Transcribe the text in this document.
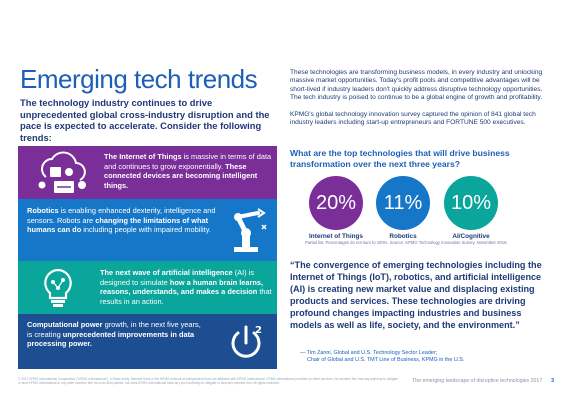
Emerging tech trends
The technology industry continues to drive unprecedented global cross-industry disruption and the pace is expected to accelerate. Consider the following trends:
The Internet of Things is massive in terms of data and continues to grow exponentially. These connected devices are becoming intelligent things.
Robotics is enabling enhanced dexterity, intelligence and sensors. Robots are changing the limitations of what humans can do including people with impaired mobility.
The next wave of artificial intelligence (AI) is designed to simulate how a human brain learns, reasons, understands, and makes a decision that results in an action.
Computational power growth, in the next five years, is creating unprecedented improvements in data processing power.
2
These technologies are transforming business models, in every industry and unlocking massive market opportunities. Today's profit pools and competitive advantages will be short-lived if industry leaders don't quickly address disruptive technology opportunities. The tech industry is poised to continue to be a global engine of growth and profitability.
KPMG's global technology innovation survey captured the opinion of 841 global tech industry leaders including start-up entrepreneurs and FORTUNE 500 executives.
What are the top technologies that will drive business transformation over the next three years?
20%
Internet of Things
11%
Robotics
10%
AI/Cognitive
Partial list. Percentages do not sum to 100%. Source: KPMG Technology Innovation Survey, November 2016.
“The convergence of emerging technologies including the Internet of Things (IoT), robotics, and artificial intelligence (AI) is creating new market value and displacing existing products and services. These technologies are driving profound changes impacting industries and business models as well as life, society, and the environment.”
— Tim Zanni, Global and U.S. Technology Sector Leader;
Chair of Global and U.S. TMT Line of Business, KPMG in the U.S.
© 2017 KPMG International Cooperative (“KPMG International”), a Swiss entity. Member firms of the KPMG network of independent firms are affiliated with KPMG International. KPMG International provides no client services. No member firm has any authority to obligate or bind KPMG International or any other member firm vis-à-vis third parties, nor does KPMG International have any such authority to obligate or bind any member firm. All rights reserved.	The emerging landscape of disruptive technologies 2017 3
